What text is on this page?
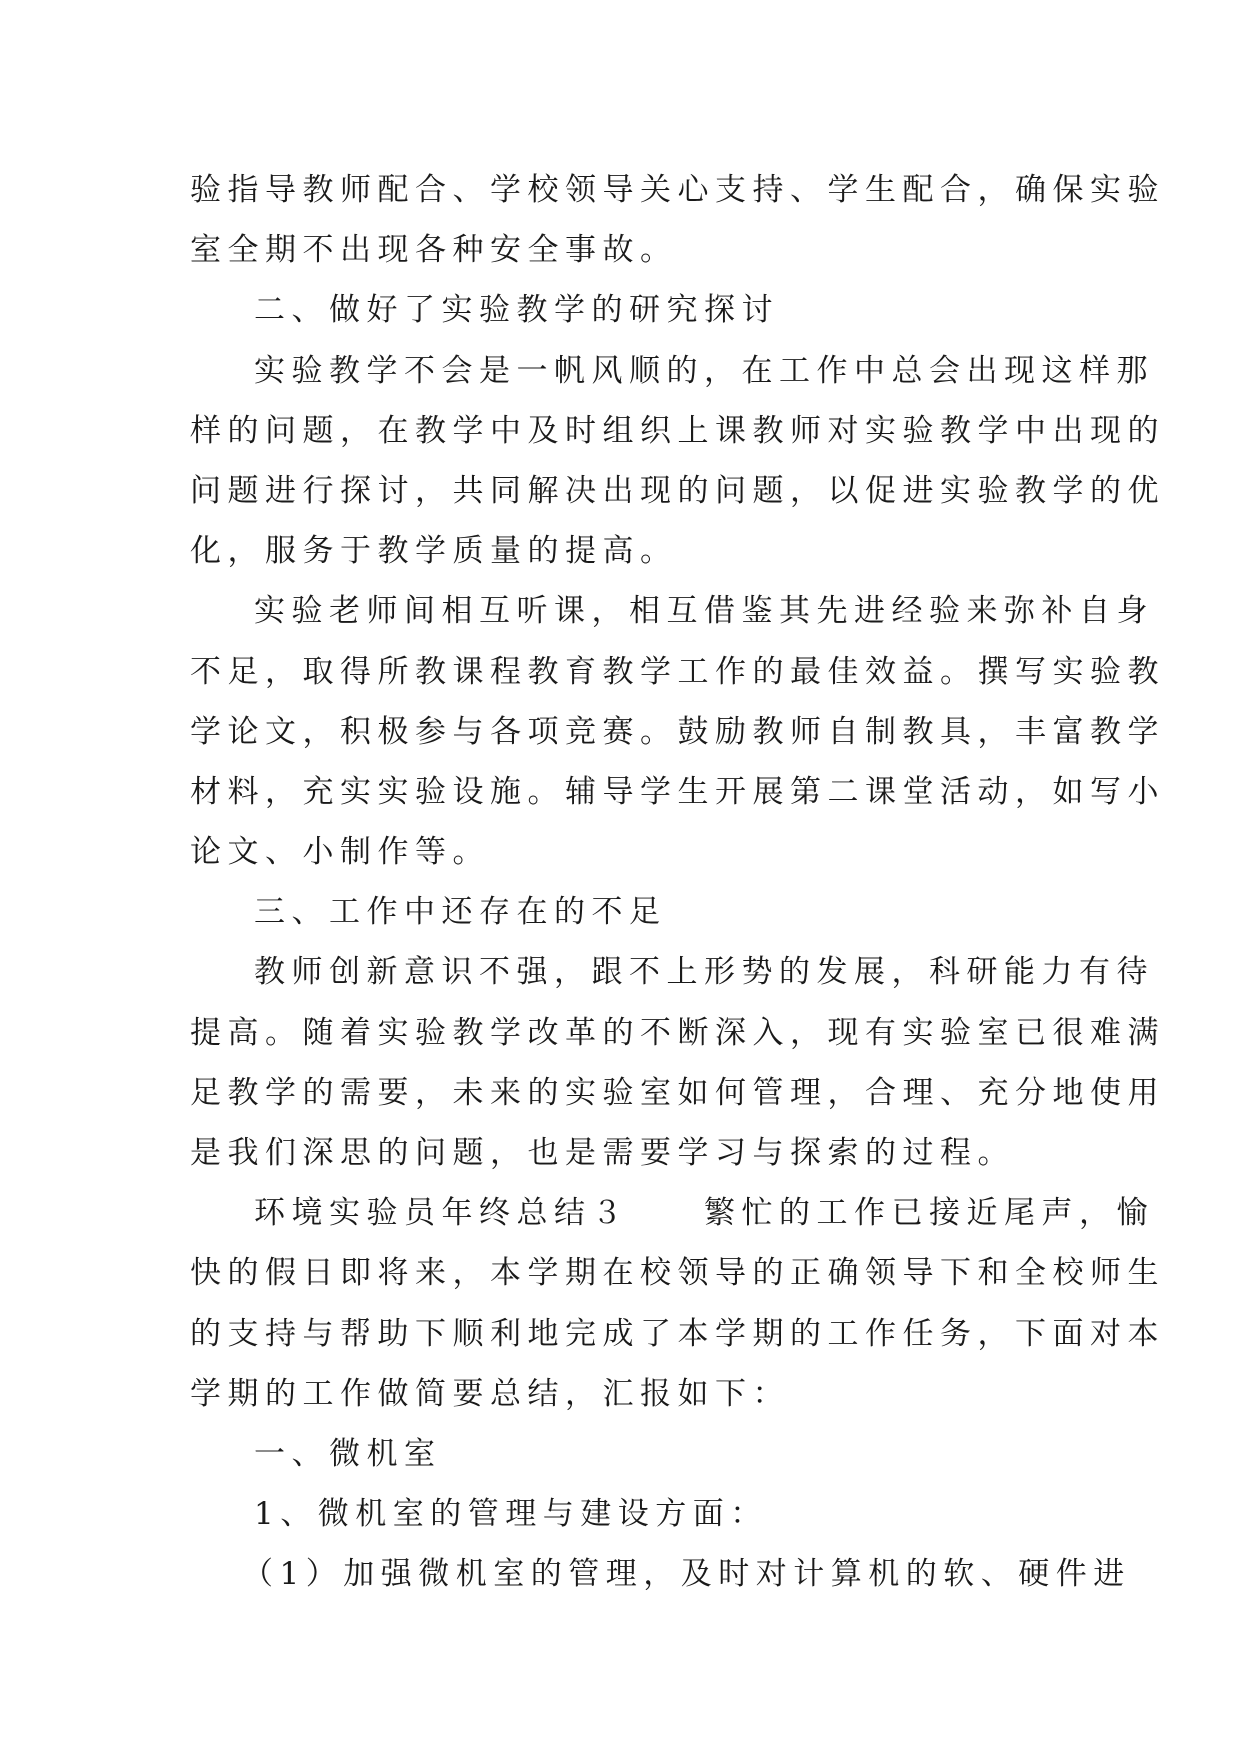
验指导教师配合、学校领导关心支持、学生配合，确保实验
室全期不出现各种安全事故。
二、做好了实验教学的研究探讨
实验教学不会是一帆风顺的，在工作中总会出现这样那
样的问题，在教学中及时组织上课教师对实验教学中出现的
问题进行探讨，共同解决出现的问题，以促进实验教学的优
化，服务于教学质量的提高。
实验老师间相互听课，相互借鉴其先进经验来弥补自身
不足，取得所教课程教育教学工作的最佳效益。撰写实验教
学论文，积极参与各项竞赛。鼓励教师自制教具，丰富教学
材料，充实实验设施。辅导学生开展第二课堂活动，如写小
论文、小制作等。
三、工作中还存在的不足
教师创新意识不强，跟不上形势的发展，科研能力有待
提高。随着实验教学改革的不断深入，现有实验室已很难满
足教学的需要，未来的实验室如何管理，合理、充分地使用
是我们深思的问题，也是需要学习与探索的过程。
环境实验员年终总结３　　繁忙的工作已接近尾声，愉
快的假日即将来，本学期在校领导的正确领导下和全校师生
的支持与帮助下顺利地完成了本学期的工作任务，下面对本
学期的工作做简要总结，汇报如下：
一、微机室
1、微机室的管理与建设方面：
（1）加强微机室的管理，及时对计算机的软、硬件进
